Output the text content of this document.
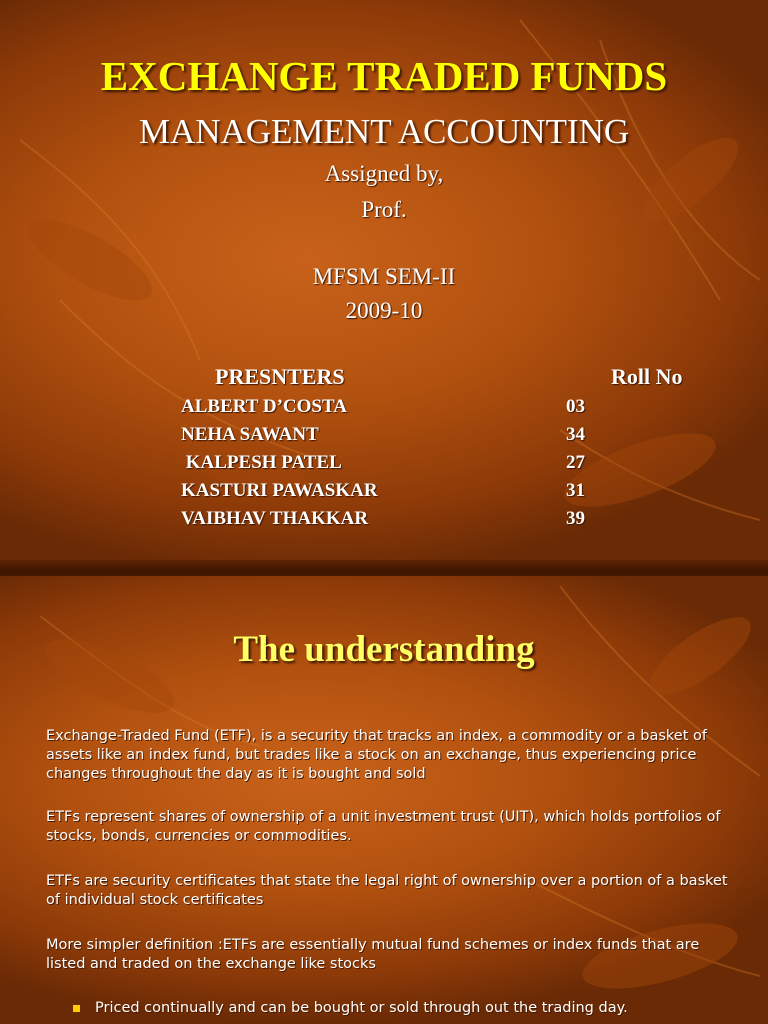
EXCHANGE TRADED FUNDS
MANAGEMENT ACCOUNTING
Assigned by,
Prof.
MFSM SEM-II
2009-10
PRESNTERS	Roll No
ALBERT D’COSTA	03
NEHA SAWANT	34
KALPESH PATEL	27
KASTURI PAWASKAR	31
VAIBHAV THAKKAR	39
The understanding
Exchange-Traded Fund (ETF), is a security that tracks an index, a commodity or a basket of assets like an index fund, but trades like a stock on an exchange, thus experiencing price changes throughout the day as it is bought and sold
ETFs represent shares of ownership of a unit investment trust (UIT), which holds portfolios of stocks, bonds, currencies or commodities.
ETFs are security certificates that state the legal right of ownership over a portion of a basket of individual stock certificates
More simpler definition :ETFs are essentially mutual fund schemes or index funds that are listed and traded on the exchange like stocks
Priced continually and can be bought or sold through out the trading day.
